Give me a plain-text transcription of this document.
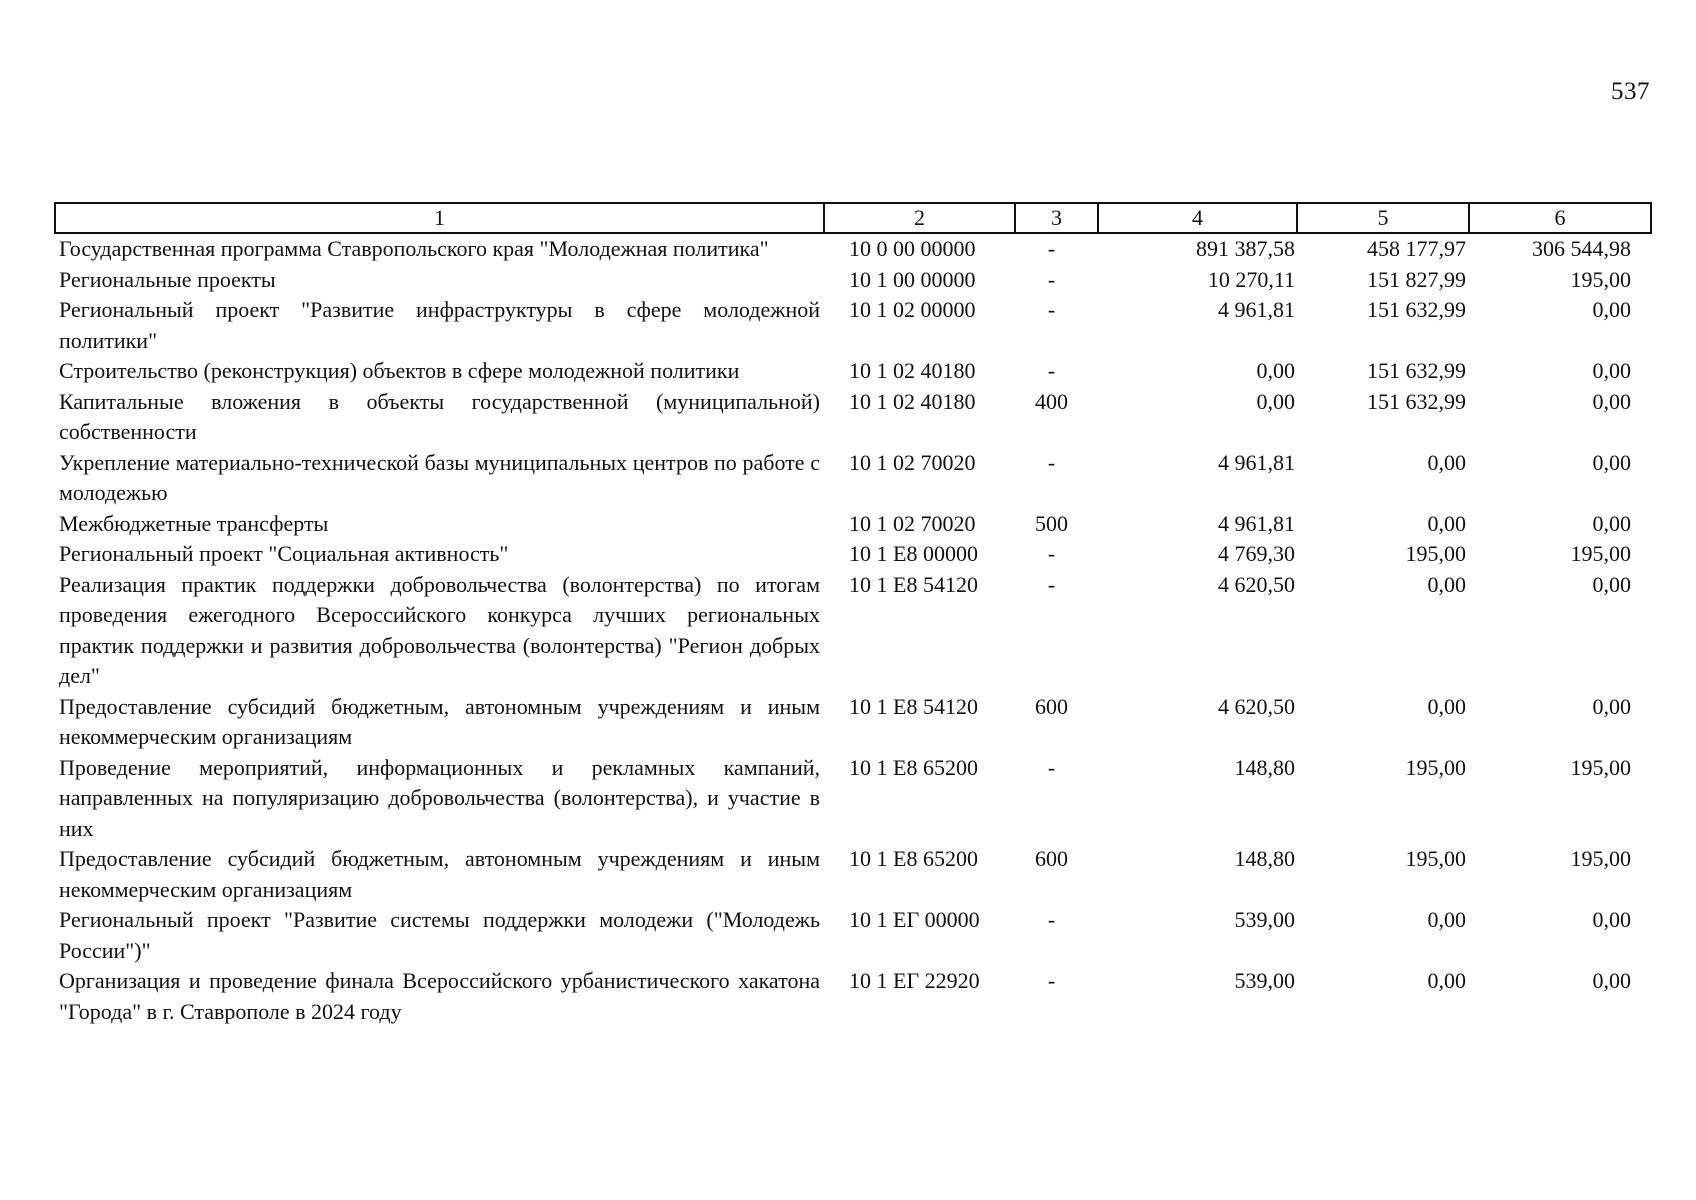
537
1	2	3	4	5	6
Государственная программа Ставропольского края "Молодежная политика"	10 0 00 00000	-	891 387,58	458 177,97	306 544,98
Региональные проекты	10 1 00 00000	-	10 270,11	151 827,99	195,00
Региональный проект "Развитие инфраструктуры в сфере молодежной политики"	10 1 02 00000	-	4 961,81	151 632,99	0,00
Строительство (реконструкция) объектов в сфере молодежной политики	10 1 02 40180	-	0,00	151 632,99	0,00
Капитальные вложения в объекты государственной (муниципальной) собственности	10 1 02 40180	400	0,00	151 632,99	0,00
Укрепление материально-технической базы муниципальных центров по работе с молодежью	10 1 02 70020	-	4 961,81	0,00	0,00
Межбюджетные трансферты	10 1 02 70020	500	4 961,81	0,00	0,00
Региональный проект "Социальная активность"	10 1 E8 00000	-	4 769,30	195,00	195,00
Реализация практик поддержки добровольчества (волонтерства) по итогам проведения ежегодного Всероссийского конкурса лучших региональных практик поддержки и развития добровольчества (волонтерства) "Регион добрых дел"	10 1 E8 54120	-	4 620,50	0,00	0,00
Предоставление субсидий бюджетным, автономным учреждениям и иным некоммерческим организациям	10 1 E8 54120	600	4 620,50	0,00	0,00
Проведение мероприятий, информационных и рекламных кампаний, направленных на популяризацию добровольчества (волонтерства), и участие в них	10 1 E8 65200	-	148,80	195,00	195,00
Предоставление субсидий бюджетным, автономным учреждениям и иным некоммерческим организациям	10 1 E8 65200	600	148,80	195,00	195,00
Региональный проект "Развитие системы поддержки молодежи ("Молодежь России")"	10 1 ЕГ 00000	-	539,00	0,00	0,00
Организация и проведение финала Всероссийского урбанистического хакатона "Города" в г. Ставрополе в 2024 году	10 1 ЕГ 22920	-	539,00	0,00	0,00
